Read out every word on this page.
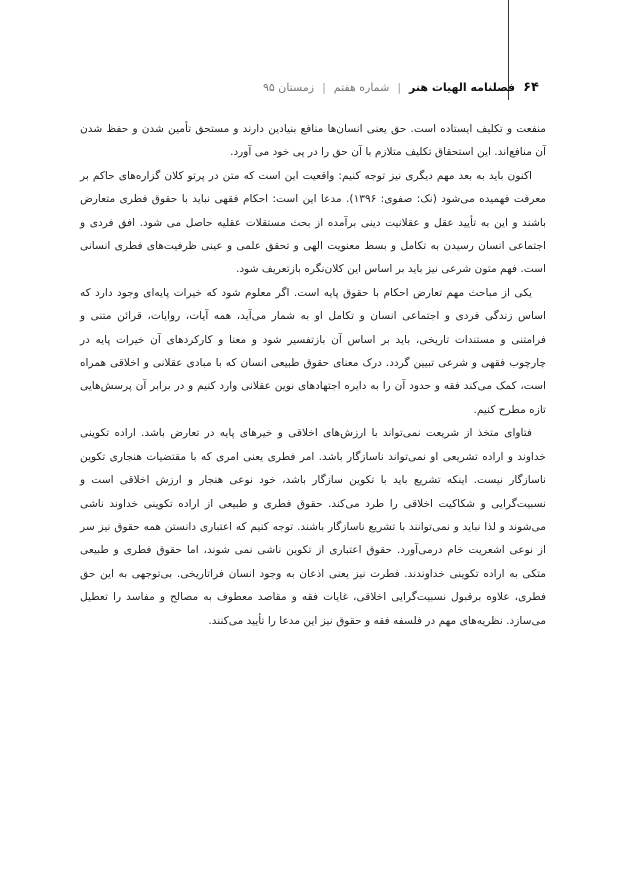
۶۴
فصلنامه الهیات هنر
|
شماره هفتم
|
زمستان ۹۵

منفعت و تکلیف ایستاده است. حق یعنی انسان‌ها منافع بنیادین دارند و مستحق تأمین شدن و حفظ شدن آن منافع‌اند. این استحقاق تکلیف متلازم با آن حق را در پی خود می آورد.

اکنون باید به بعد مهم دیگری نیز توجه کنیم: واقعیت این است که متن در پرتو کلان گزاره‌های حاکم بر معرفت فهمیده می‌شود (نک: صفوی: ۱۳۹۶). مدعا این است: احکام فقهی نباید با حقوق فطری متعارض باشند و این به تأیید عقل و عقلانیت دینی برآمده از بحث مستقلات عقلیه حاصل می شود. افق فردی و اجتماعی انسان رسیدن به تکامل و بسط معنویت الهی و تحقق علمی و عینی ظرفیت‌های فطری انسانی است. فهم متون شرعی نیز باید بر اساس این کلان‌نگره بازتعریف شود.

یکی از مباحث مهم تعارض احکام با حقوق پایه است. اگر معلوم شود که خیرات پایه‌ای وجود دارد که اساس زندگی فردی و اجتماعی انسان و تکامل او به شمار می‌آید، همه آیات، روایات، قرائن متنی و فرامتنی و مستندات تاریخی، باید بر اساس آن بازتفسیر شود و معنا و کارکردهای آن خیرات پایه در چارچوب فقهی و شرعی تبیین گردد. درک معنای حقوق طبیعی انسان که با مبادی عقلانی و اخلاقی همراه است، کمک می‌کند فقه و حدود آن را به دایره اجتهادهای نوین عقلانی وارد کنیم و در برابر آن پرسش‌هایی تازه مطرح کنیم.

فتاوای متخذ از شریعت نمی‌تواند با ارزش‌های اخلاقی و خیرهای پایه در تعارض باشد. اراده تکوینی خداوند و اراده تشریعی او نمی‌تواند ناسازگار باشد. امر فطری یعنی امری که با مقتضیات هنجاری تکوین ناسازگار نیست. اینکه تشریع باید با تکوین سازگار باشد، خود نوعی هنجار و ارزش اخلاقی است و نسبیت‌گرایی و شکاکیت اخلاقی را طرد می‌کند. حقوق فطری و طبیعی از اراده تکوینی خداوند ناشی می‌شوند و لذا نباید و نمی‌توانند با تشریع ناسازگار باشند. توجه کنیم که اعتباری دانستن همه حقوق نیز سر از نوعی اشعریت خام درمی‌آورد. حقوق اعتباری از تکوین ناشی نمی شوند، اما حقوق فطری و طبیعی متکی به اراده تکوینی خداوندند. فطرت نیز یعنی اذعان به وجود انسان فراتاریخی. بی‌توجهی به این حق فطری، علاوه برقبول نسبیت‌گرایی اخلاقی، غایات فقه و مقاصد معطوف به مصالح و مفاسد را تعطیل می‌سازد. نظریه‌های مهم در فلسفه فقه و حقوق نیز این مدعا را تأیید می‌کنند.
